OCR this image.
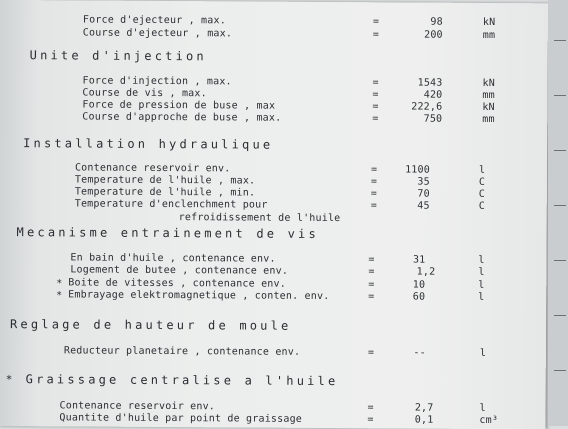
Force d'ejecteur , max.	=	98	kN
Course d'ejecteur , max.	=	200	mm
Unite d'injection
Force d'injection , max.	=	1543	kN
Course de vis , max.	=	420	mm
Force de pression de buse , max	=	222,6	kN
Course d'approche de buse , max.	=	750	mm
Installation hydraulique
Contenance reservoir env.	=	1100	l
Temperature de l'huile , max.	=	35	C
Temperature de l'huile , min.	=	70	C
Temperature d'enclenchment pour	=	45	C
refroidissement de l'huile
Mecanisme entrainement de vis
En bain d'huile , contenance env.	=	31	l
Logement de butee , contenance env.	=	1,2	l
* Boite de vitesses , contenance env.	=	10	l
* Embrayage elektromagnetique , conten. env.	=	60	l
Reglage de hauteur de moule
Reducteur planetaire , contenance env.	=	--	l
* Graissage centralise a l'huile
Contenance reservoir env.	=	2,7	l
Quantite d'huile par point de graissage	=	0,1	cm³
